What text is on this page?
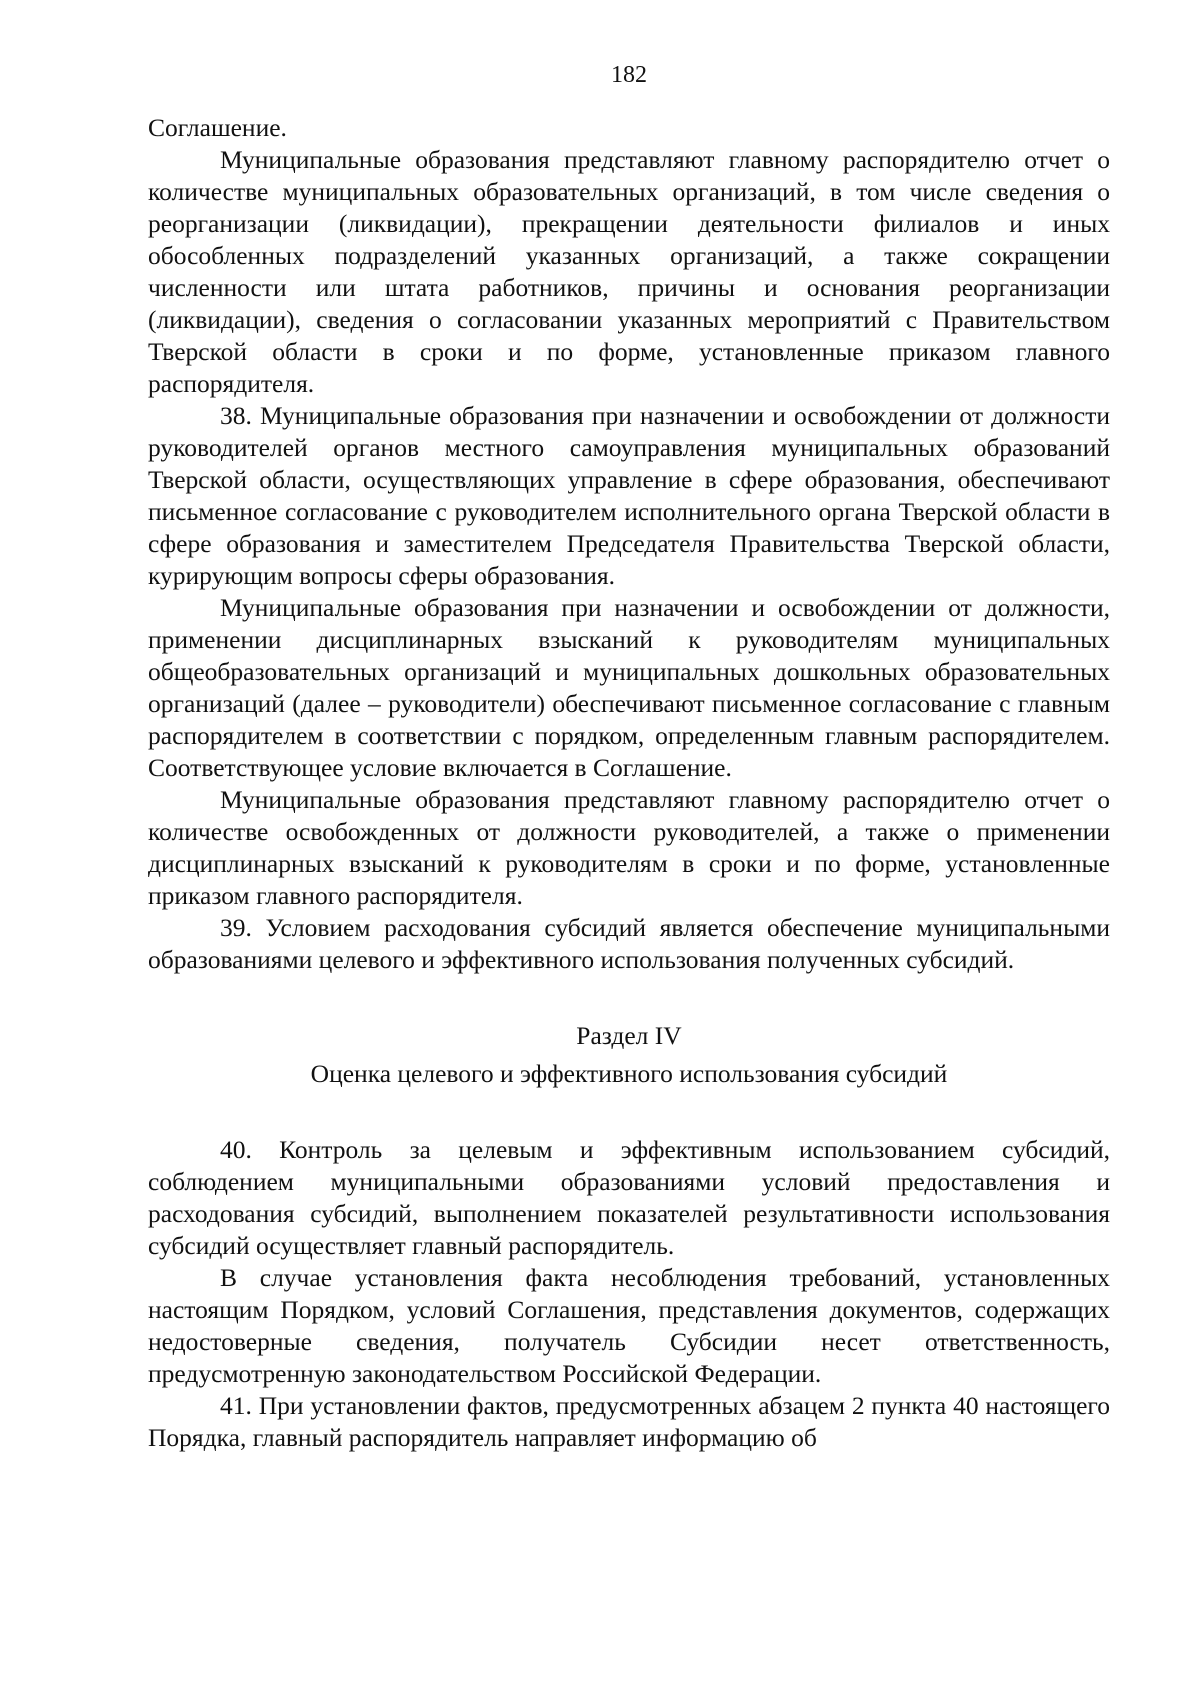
182

Соглашение.

Муниципальные образования представляют главному распорядителю отчет о количестве муниципальных образовательных организаций, в том числе сведения о реорганизации (ликвидации), прекращении деятельности филиалов и иных обособленных подразделений указанных организаций, а также сокращении численности или штата работников, причины и основания реорганизации (ликвидации), сведения о согласовании указанных мероприятий с Правительством Тверской области в сроки и по форме, установленные приказом главного распорядителя.

38. Муниципальные образования при назначении и освобождении от должности руководителей органов местного самоуправления муниципальных образований Тверской области, осуществляющих управление в сфере образования, обеспечивают письменное согласование с руководителем исполнительного органа Тверской области в сфере образования и заместителем Председателя Правительства Тверской области, курирующим вопросы сферы образования.

Муниципальные образования при назначении и освобождении от должности, применении дисциплинарных взысканий к руководителям муниципальных общеобразовательных организаций и муниципальных дошкольных образовательных организаций (далее – руководители) обеспечивают письменное согласование с главным распорядителем в соответствии с порядком, определенным главным распорядителем. Соответствующее условие включается в Соглашение.

Муниципальные образования представляют главному распорядителю отчет о количестве освобожденных от должности руководителей, а также о применении дисциплинарных взысканий к руководителям в сроки и по форме, установленные приказом главного распорядителя.

39. Условием расходования субсидий является обеспечение муниципальными образованиями целевого и эффективного использования полученных субсидий.

Раздел IV
Оценка целевого и эффективного использования субсидий

40. Контроль за целевым и эффективным использованием субсидий, соблюдением муниципальными образованиями условий предоставления и расходования субсидий, выполнением показателей результативности использования субсидий осуществляет главный распорядитель.

В случае установления факта несоблюдения требований, установленных настоящим Порядком, условий Соглашения, представления документов, содержащих недостоверные сведения, получатель Субсидии несет ответственность, предусмотренную законодательством Российской Федерации.

41. При установлении фактов, предусмотренных абзацем 2 пункта 40 настоящего Порядка, главный распорядитель направляет информацию об
